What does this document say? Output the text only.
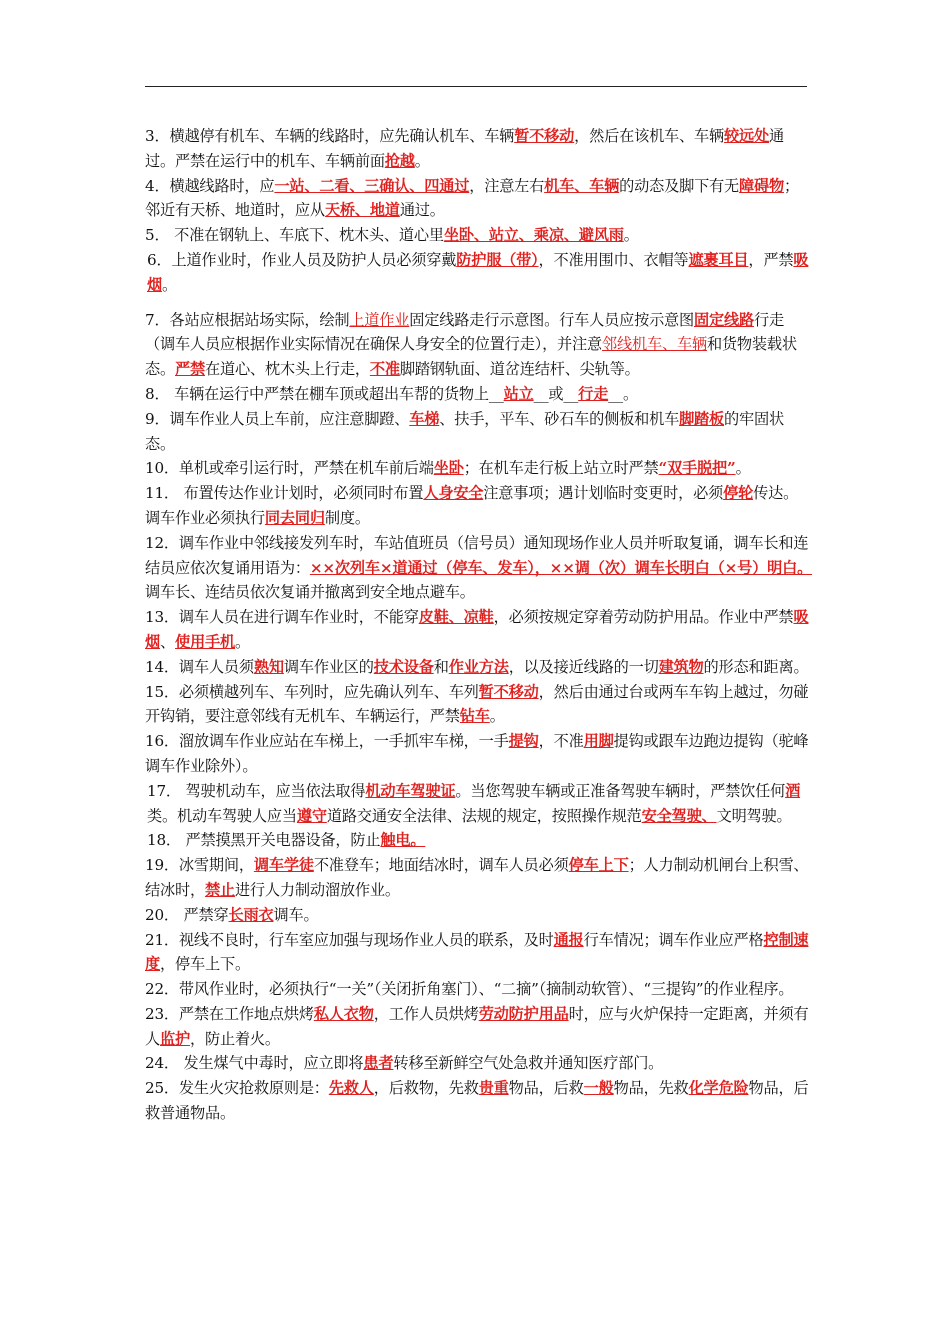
3．横越停有机车、车辆的线路时，应先确认机车、车辆暂不移动，然后在该机车、车辆较远处通过。严禁在运行中的机车、车辆前面抢越。

4．横越线路时，应一站、二看、三确认、四通过，注意左右机车、车辆的动态及脚下有无障碍物；邻近有天桥、地道时，应从天桥、地道通过。

5． 不准在钢轨上、车底下、枕木头、道心里坐卧、站立、乘凉、避风雨。

6．上道作业时，作业人员及防护人员必须穿戴防护服（带），不准用围巾、衣帽等遮裹耳目，严禁吸烟。

7．各站应根据站场实际，绘制上道作业固定线路走行示意图。行车人员应按示意图固定线路行走（调车人员应根据作业实际情况在确保人身安全的位置行走），并注意邻线机车、车辆和货物装载状态。严禁在道心、枕木头上行走，不准脚踏钢轨面、道岔连结杆、尖轨等。

8． 车辆在运行中严禁在棚车顶或超出车帮的货物上__站立__或__行走__。

9．调车作业人员上车前，应注意脚蹬、车梯、扶手，平车、砂石车的侧板和机车脚踏板的牢固状态。

10．单机或牵引运行时，严禁在机车前后端坐卧；在机车走行板上站立时严禁“双手脱把”。

11． 布置传达作业计划时，必须同时布置人身安全注意事项；遇计划临时变更时，必须停轮传达。调车作业必须执行同去同归制度。

12．调车作业中邻线接发列车时，车站值班员（信号员）通知现场作业人员并听取复诵，调车长和连结员应依次复诵用语为：××次列车×道通过（停车、发车），××调（次）调车长明白（×号）明白。 调车长、连结员依次复诵并撤离到安全地点避车。

13．调车人员在进行调车作业时，不能穿皮鞋、凉鞋，必须按规定穿着劳动防护用品。作业中严禁吸烟、使用手机。

14．调车人员须熟知调车作业区的技术设备和作业方法，以及接近线路的一切建筑物的形态和距离。

15．必须横越列车、车列时，应先确认列车、车列暂不移动，然后由通过台或两车车钩上越过，勿碰开钩销，要注意邻线有无机车、车辆运行，严禁钻车。

16．溜放调车作业应站在车梯上，一手抓牢车梯，一手提钩，不准用脚提钩或跟车边跑边提钩（驼峰调车作业除外）。

17． 驾驶机动车，应当依法取得机动车驾驶证。当您驾驶车辆或正准备驾驶车辆时，严禁饮任何酒类。机动车驾驶人应当遵守道路交通安全法律、法规的规定，按照操作规范安全驾驶、文明驾驶。

18． 严禁摸黑开关电器设备，防止触电。

19．冰雪期间，调车学徒不准登车；地面结冰时，调车人员必须停车上下；人力制动机闸台上积雪、结冰时，禁止进行人力制动溜放作业。

20． 严禁穿长雨衣调车。

21．视线不良时，行车室应加强与现场作业人员的联系，及时通报行车情况；调车作业应严格控制速度，停车上下。

22．带风作业时，必须执行“一关”（关闭折角塞门）、“二摘”（摘制动软管）、“三提钩”的作业程序。

23．严禁在工作地点烘烤私人衣物，工作人员烘烤劳动防护用品时，应与火炉保持一定距离，并须有人监护，防止着火。

24． 发生煤气中毒时，应立即将患者转移至新鲜空气处急救并通知医疗部门。

25．发生火灾抢救原则是：先救人，后救物，先救贵重物品，后救一般物品，先救化学危险物品，后救普通物品。
